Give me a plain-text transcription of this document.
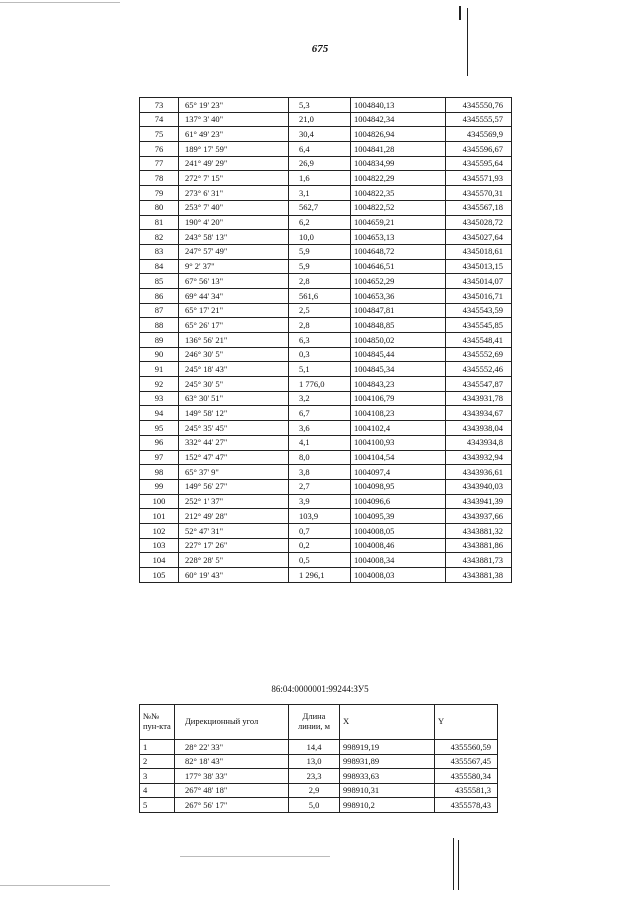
675
73	65° 19' 23"	5,3	1004840,13	4345550,76
74	137° 3' 40"	21,0	1004842,34	4345555,57
75	61° 49' 23"	30,4	1004826,94	4345569,9
76	189° 17' 59"	6,4	1004841,28	4345596,67
77	241° 49' 29"	26,9	1004834,99	4345595,64
78	272° 7' 15"	1,6	1004822,29	4345571,93
79	273° 6' 31"	3,1	1004822,35	4345570,31
80	253° 7' 40"	562,7	1004822,52	4345567,18
81	190° 4' 20"	6,2	1004659,21	4345028,72
82	243° 58' 13"	10,0	1004653,13	4345027,64
83	247° 57' 49"	5,9	1004648,72	4345018,61
84	9° 2' 37"	5,9	1004646,51	4345013,15
85	67° 56' 13"	2,8	1004652,29	4345014,07
86	69° 44' 34"	561,6	1004653,36	4345016,71
87	65° 17' 21"	2,5	1004847,81	4345543,59
88	65° 26' 17"	2,8	1004848,85	4345545,85
89	136° 56' 21"	6,3	1004850,02	4345548,41
90	246° 30' 5"	0,3	1004845,44	4345552,69
91	245° 18' 43"	5,1	1004845,34	4345552,46
92	245° 30' 5"	1 776,0	1004843,23	4345547,87
93	63° 30' 51"	3,2	1004106,79	4343931,78
94	149° 58' 12"	6,7	1004108,23	4343934,67
95	245° 35' 45"	3,6	1004102,4	4343938,04
96	332° 44' 27"	4,1	1004100,93	4343934,8
97	152° 47' 47"	8,0	1004104,54	4343932,94
98	65° 37' 9"	3,8	1004097,4	4343936,61
99	149° 56' 27"	2,7	1004098,95	4343940,03
100	252° 1' 37"	3,9	1004096,6	4343941,39
101	212° 49' 28"	103,9	1004095,39	4343937,66
102	52° 47' 31"	0,7	1004008,05	4343881,32
103	227° 17' 26"	0,2	1004008,46	4343881,86
104	228° 28' 5"	0,5	1004008,34	4343881,73
105	60° 19' 43"	1 296,1	1004008,03	4343881,38
86:04:0000001:99244:ЗУ5
№№ пун-кта	Дирекционный угол	Длина линии, м	X	Y
1	28° 22' 33"	14,4	998919,19	4355560,59
2	82° 18' 43"	13,0	998931,89	4355567,45
3	177° 38' 33"	23,3	998933,63	4355580,34
4	267° 48' 18"	2,9	998910,31	4355581,3
5	267° 56' 17"	5,0	998910,2	4355578,43
